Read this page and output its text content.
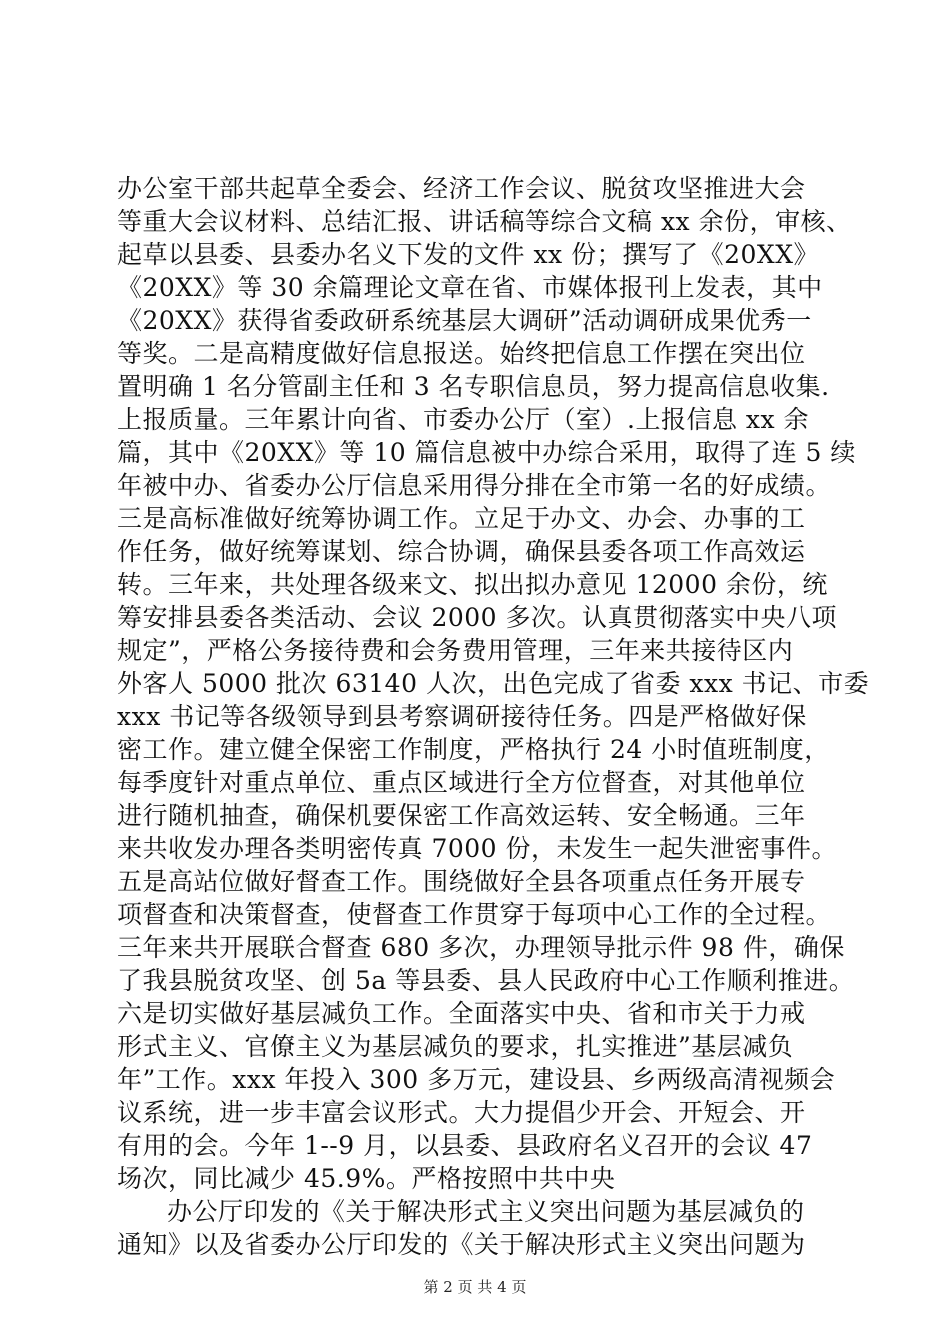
办公室干部共起草全委会、经济工作会议、脱贫攻坚推进大会
等重大会议材料、总结汇报、讲话稿等综合文稿 xx 余份，审核、
起草以县委、县委办名义下发的文件 xx 份；撰写了《20XX》
《20XX》等 30 余篇理论文章在省、市媒体报刊上发表，其中
《20XX》获得省委政研系统基层大调研”活动调研成果优秀一
等奖。二是高精度做好信息报送。始终把信息工作摆在突出位
置明确 1 名分管副主任和 3 名专职信息员，努力提高信息收集.
上报质量。三年累计向省、市委办公厅（室）.上报信息 xx 余
篇，其中《20XX》等 10 篇信息被中办综合采用，取得了连 5 续
年被中办、省委办公厅信息采用得分排在全市第一名的好成绩。
三是高标准做好统筹协调工作。立足于办文、办会、办事的工
作任务，做好统筹谋划、综合协调，确保县委各项工作高效运
转。三年来，共处理各级来文、拟出拟办意见 12000 余份，统
筹安排县委各类活动、会议 2000 多次。认真贯彻落实中央八项
规定”，严格公务接待费和会务费用管理，三年来共接待区内
外客人 5000 批次 63140 人次，出色完成了省委 xxx 书记、市委
xxx 书记等各级领导到县考察调研接待任务。四是严格做好保
密工作。建立健全保密工作制度，严格执行 24 小时值班制度，
每季度针对重点单位、重点区域进行全方位督查，对其他单位
进行随机抽查，确保机要保密工作高效运转、安全畅通。三年
来共收发办理各类明密传真 7000 份，未发生一起失泄密事件。
五是高站位做好督查工作。围绕做好全县各项重点任务开展专
项督查和决策督查，使督查工作贯穿于每项中心工作的全过程。
三年来共开展联合督查 680 多次，办理领导批示件 98 件，确保
了我县脱贫攻坚、创 5a 等县委、县人民政府中心工作顺利推进。
六是切实做好基层减负工作。全面落实中央、省和市关于力戒
形式主义、官僚主义为基层减负的要求，扎实推进”基层减负
年”工作。xxx 年投入 300 多万元，建设县、乡两级高清视频会
议系统，进一步丰富会议形式。大力提倡少开会、开短会、开
有用的会。今年 1--9 月，以县委、县政府名义召开的会议 47
场次，同比减少 45.9%。严格按照中共中央
办公厅印发的《关于解决形式主义突出问题为基层减负的
通知》以及省委办公厅印发的《关于解决形式主义突出问题为
第 2 页 共 4 页
